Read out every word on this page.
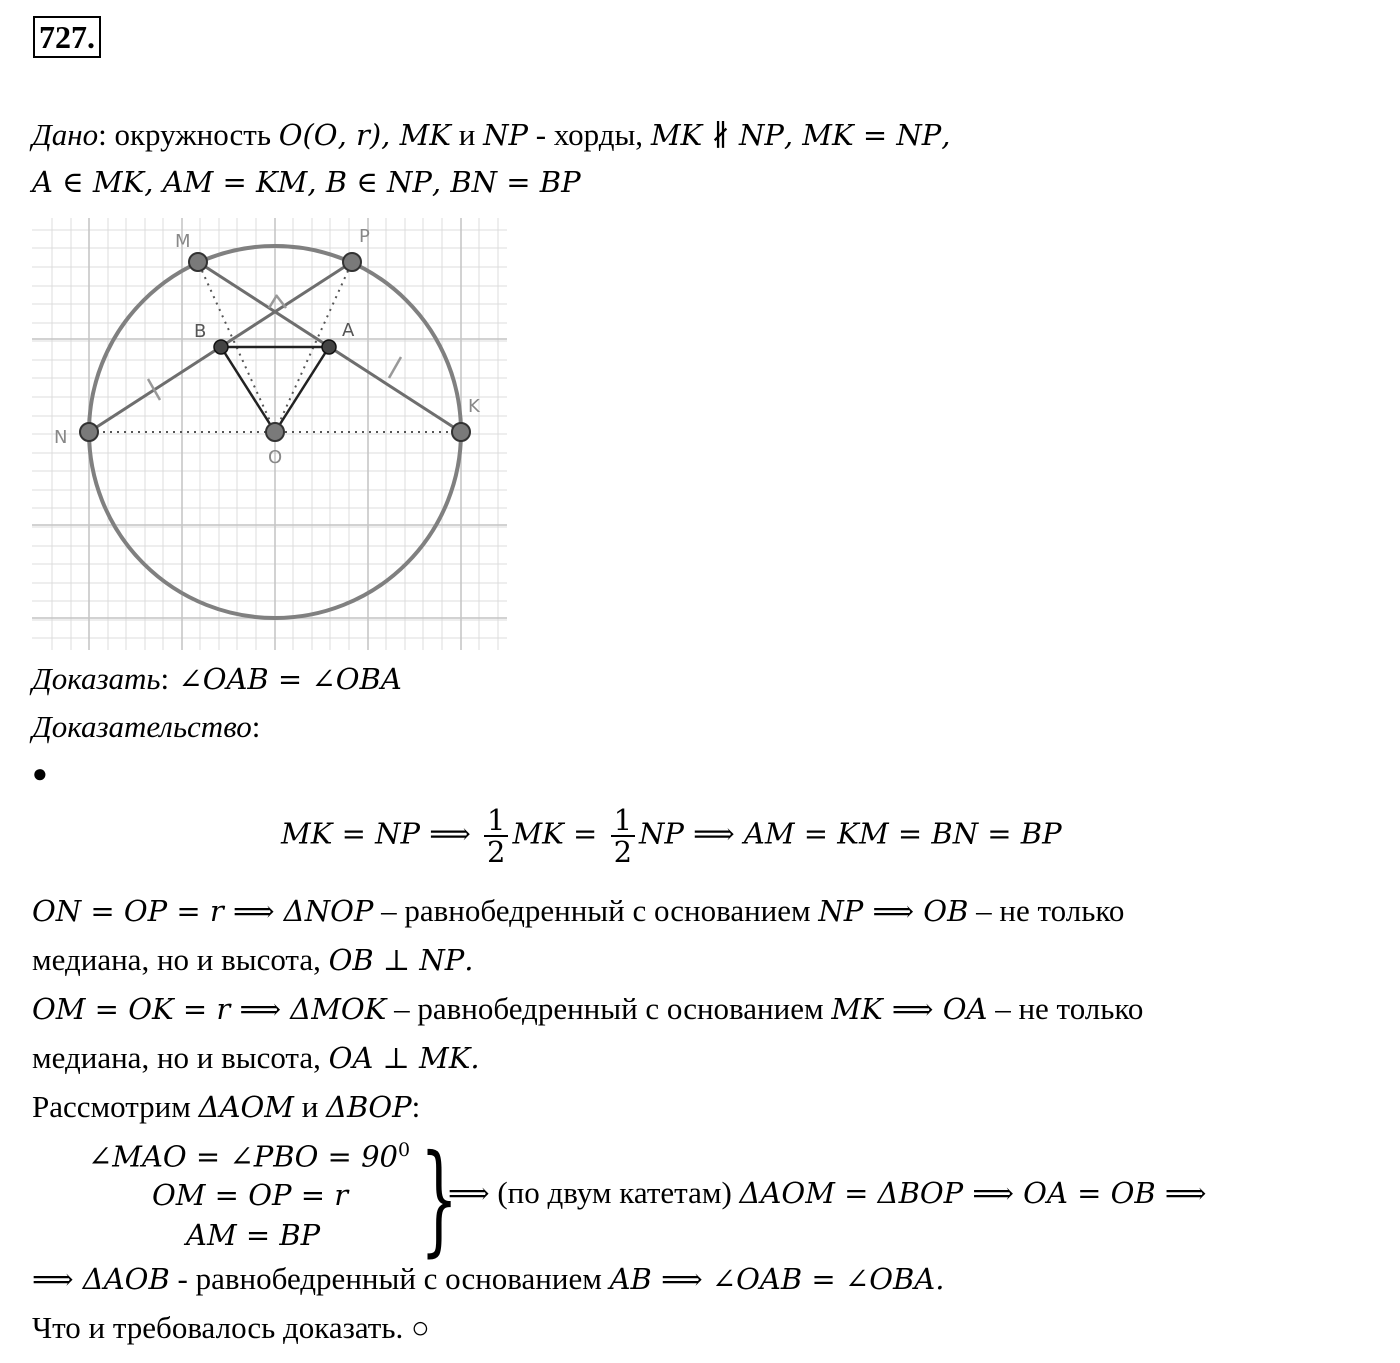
727.
Дано: окружность 𝑂(𝑂, 𝑟), 𝑀𝐾 и 𝑁𝑃 - хорды, 𝑀𝐾 ∦ 𝑁𝑃, 𝑀𝐾 = 𝑁𝑃,
𝐴 ∈ 𝑀𝐾, 𝐴𝑀 = 𝐾𝑀, 𝐵 ∈ 𝑁𝑃, 𝐵𝑁 = 𝐵𝑃
M	P
B	A
N
K
O
Доказать: ∠𝑂𝐴𝐵 = ∠𝑂𝐵𝐴
Доказательство:
●
𝑀𝐾 = 𝑁𝑃 ⟹ $\frac{1}{2}$ 𝑀𝐾 = $\frac{1}{2}$ 𝑁𝑃 ⟹ 𝐴𝑀 = 𝐾𝑀 = 𝐵𝑁 = 𝐵𝑃
𝑂𝑁 = 𝑂𝑃 = 𝑟 ⟹ Δ𝑁𝑂𝑃 – равнобедренный с основанием 𝑁𝑃 ⟹ 𝑂𝐵 – не только
медиана, но и высота, 𝑂𝐵 ⊥ 𝑁𝑃.
𝑂𝑀 = 𝑂𝐾 = 𝑟 ⟹ Δ𝑀𝑂𝐾 – равнобедренный с основанием 𝑀𝐾 ⟹ 𝑂𝐴 – не только
медиана, но и высота, 𝑂𝐴 ⊥ 𝑀𝐾.
Рассмотрим Δ𝐴𝑂𝑀 и Δ𝐵𝑂𝑃:
∠𝑀𝐴𝑂 = ∠𝑃𝐵𝑂 = $90^0$
𝑂𝑀 = 𝑂𝑃 = 𝑟
𝐴𝑀 = 𝐵𝑃 }
⟹ (по двум катетам) Δ𝐴𝑂𝑀 = Δ𝐵𝑂𝑃 ⟹ 𝑂𝐴 = 𝑂𝐵 ⟹
⟹ Δ𝐴𝑂𝐵 - равнобедренный с основанием 𝐴𝐵 ⟹ ∠𝑂𝐴𝐵 = ∠𝑂𝐵𝐴.
Что и требовалось доказать. ○
